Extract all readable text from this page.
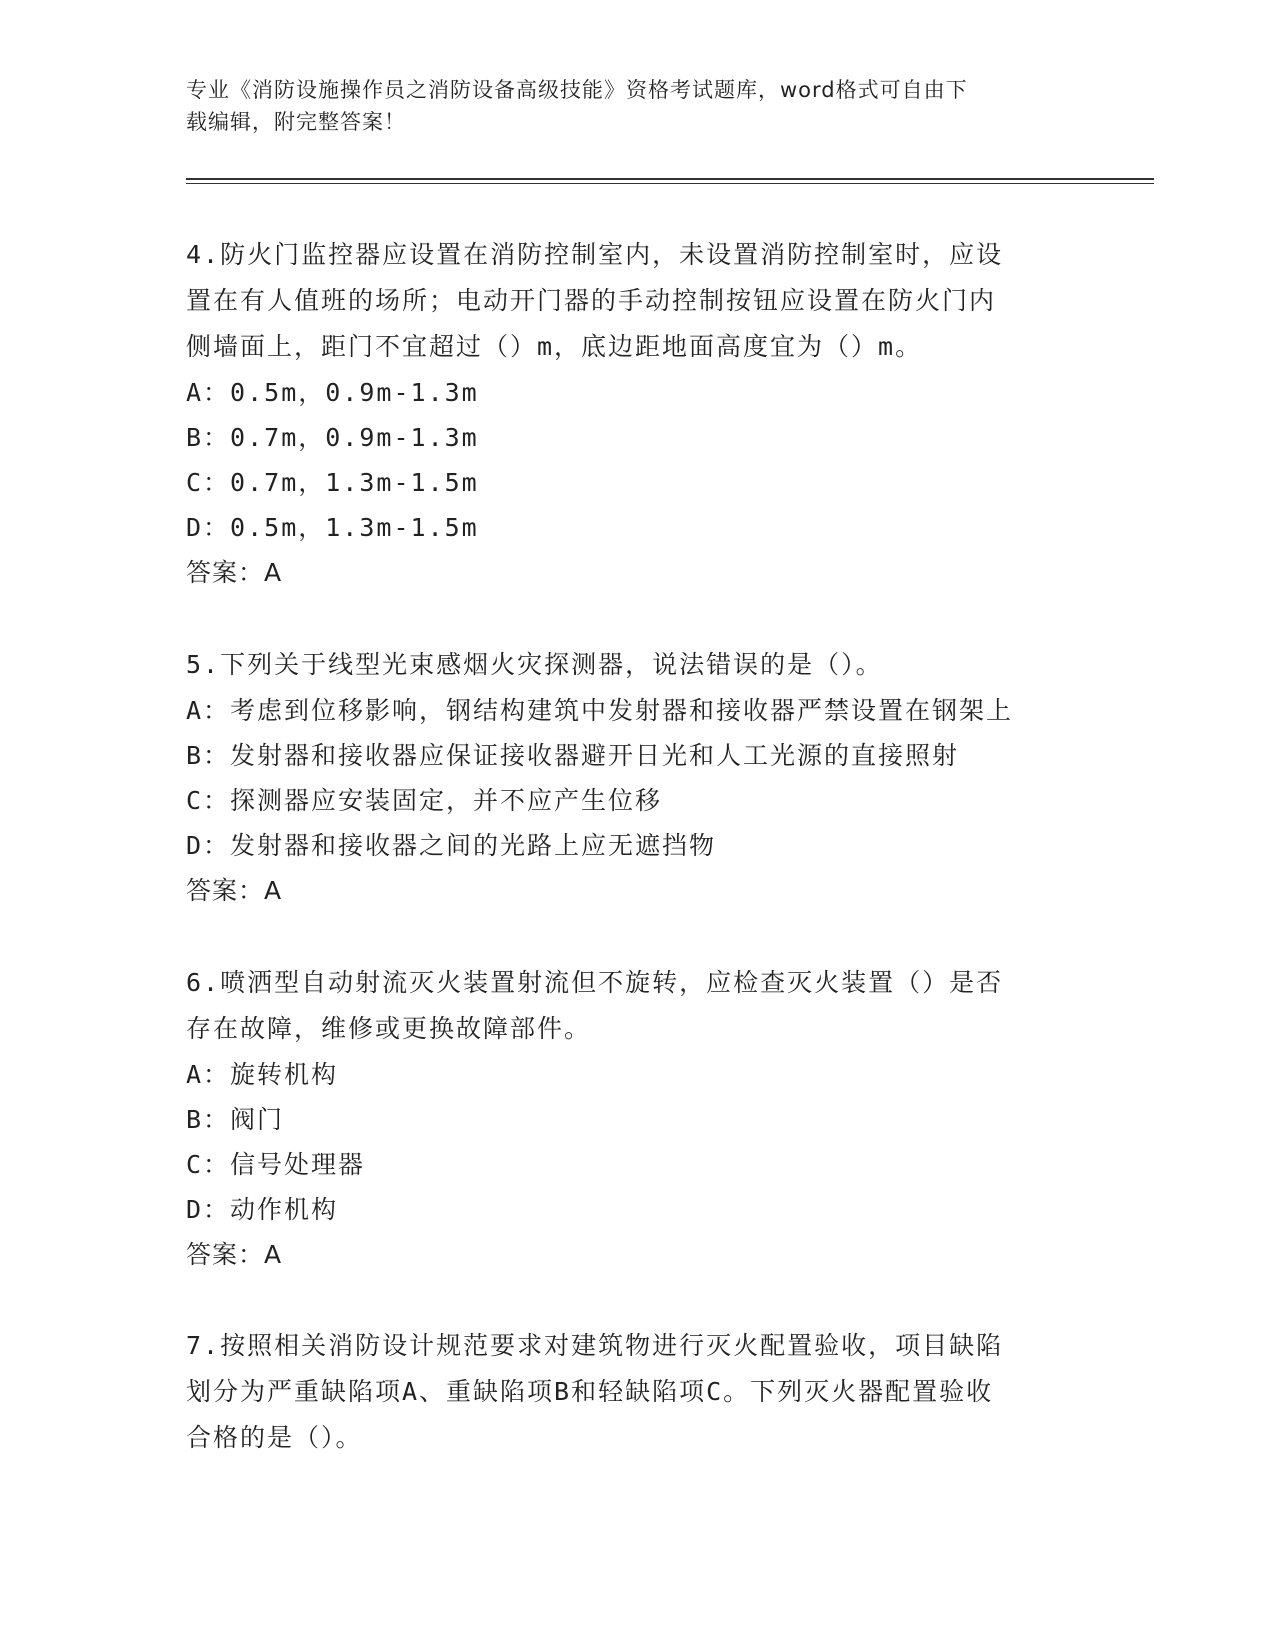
专业《消防设施操作员之消防设备高级技能》资格考试题库，word格式可自由下
载编辑，附完整答案！

4.防火门监控器应设置在消防控制室内，未设置消防控制室时，应设

置在有人值班的场所；电动开门器的手动控制按钮应设置在防火门内

侧墙面上，距门不宜超过（）m，底边距地面高度宜为（）m。

A：0.5m，0.9m-1.3m

B：0.7m，0.9m-1.3m

C：0.7m，1.3m-1.5m

D：0.5m，1.3m-1.5m

答案：A

5.下列关于线型光束感烟火灾探测器，说法错误的是（）。

A：考虑到位移影响，钢结构建筑中发射器和接收器严禁设置在钢架上

B：发射器和接收器应保证接收器避开日光和人工光源的直接照射

C：探测器应安装固定，并不应产生位移

D：发射器和接收器之间的光路上应无遮挡物

答案：A

6.喷洒型自动射流灭火装置射流但不旋转，应检查灭火装置（）是否

存在故障，维修或更换故障部件。

A：旋转机构

B：阀门

C：信号处理器

D：动作机构

答案：A

7.按照相关消防设计规范要求对建筑物进行灭火配置验收，项目缺陷

划分为严重缺陷项A、重缺陷项B和轻缺陷项C。下列灭火器配置验收

合格的是（）。
